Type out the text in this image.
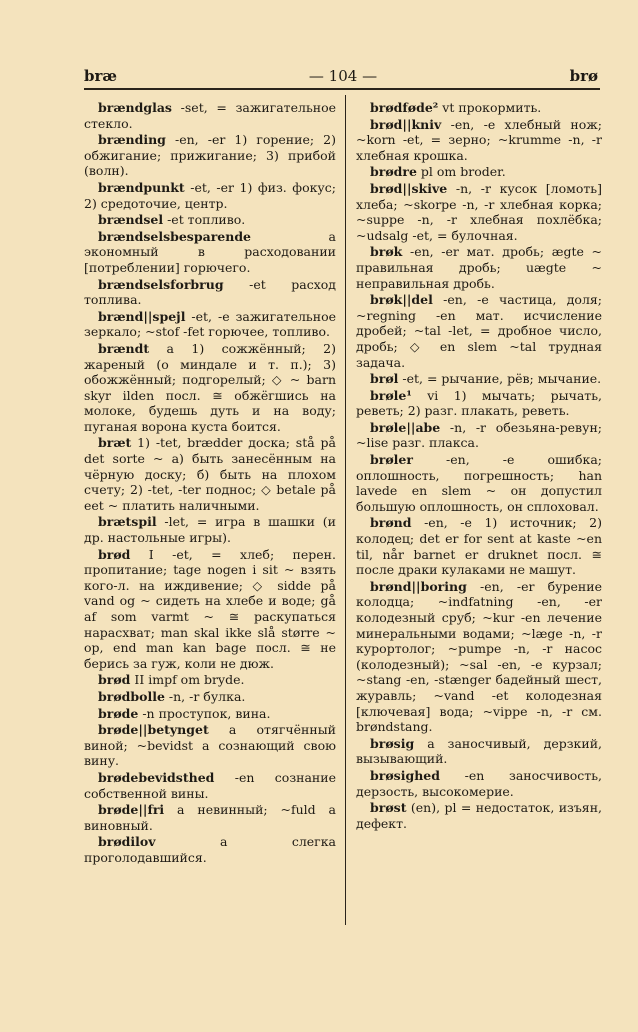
bræ	— 104 —	brø

brændglas -set, = зажигательное стекло.

brænding -en, -er 1) горение; 2) обжигание; прижигание; 3) прибой (волн).

brændpunkt -et, -er 1) физ. фокус; 2) средоточие, центр.

brændsel -et топливо.

brændselsbesparende a экономный в расходовании [потреблении] горючего.

brændselsforbrug -et расход топлива.

brænd||spejl -et, -e зажигательное зеркало; ~stof -fet горючее, топливо.

brændt a 1) сожжённый; 2) жареный (о миндале и т. п.); 3) обожжённый; подгорелый; ◇ ~ barn skyr ilden посл. ≅ обжёгшись на молоке, будешь дуть и на воду; пуганая ворона куста боится.

bræt 1) -tet, brædder доска; stå på det sorte ~ a) быть занесённым на чёрную доску; б) быть на плохом счету; 2) -tet, -ter поднос; ◇ betale på eet ~ платить наличными.

brætspil -let, = игра в шашки (и др. настольные игры).

brød I -et, = хлеб; перен. пропитание; tage nogen i sit ~ взять кого-л. на иждивение; ◇ sidde på vand og ~ сидеть на хлебе и воде; gå af som varmt ~ ≅ раскупаться нарасхват; man skal ikke slå større ~ op, end man kan bage посл. ≅ не берись за гуж, коли не дюж.

brød II impf om bryde.

brødbolle -n, -r булка.

brøde -n проступок, вина.

brøde||betynget a отягчённый виной; ~bevidst a сознающий свою вину.

brødebevidsthed -en сознание собственной вины.

brøde||fri a невинный; ~fuld a виновный.

brødilov a слегка проголодавшийся.

brødføde² vt прокормить.

brød||kniv -en, -e хлебный нож; ~korn -et, = зерно; ~krumme -n, -r хлебная крошка.

brødre pl om broder.

brød||skive -n, -r кусок [ломоть] хлеба; ~skorpe -n, -r хлебная корка; ~suppe -n, -r хлебная похлёбка; ~udsalg -et, = булочная.

brøk -en, -er мат. дробь; ægte ~ правильная дробь; uægte ~ неправильная дробь.

brøk||del -en, -e частица, доля; ~regning -en мат. исчисление дробей; ~tal -let, = дробное число, дробь; ◇ en slem ~tal трудная задача.

brøl -et, = рычание, рёв; мычание.

brøle¹ vi 1) мычать; рычать, реветь; 2) разг. плакать, реветь.

brøle||abe -n, -r обезьяна-ревун; ~lise разг. плакса.

brøler -en, -e ошибка; оплошность, погрешность; han lavede en slem ~ он допустил большую оплошность, он сплоховал.

brønd -en, -e 1) источник; 2) колодец; det er for sent at kaste ~en til, når barnet er druknet посл. ≅ после драки кулаками не машут.

brønd||boring -en, -er бурение колодца; ~indfatning -en, -er колодезный сруб; ~kur -en лечение минеральными водами; ~læge -n, -r курортолог; ~pumpe -n, -r насос (колодезный); ~sal -en, -e курзал; ~stang -en, -stænger бадейный шест, журавль; ~vand -et колодезная [ключевая] вода; ~vippe -n, -r см. brøndstang.

brøsig a заносчивый, дерзкий, вызывающий.

brøsighed -en заносчивость, дерзость, высокомерие.

brøst (en), pl = недостаток, изъян, дефект.
